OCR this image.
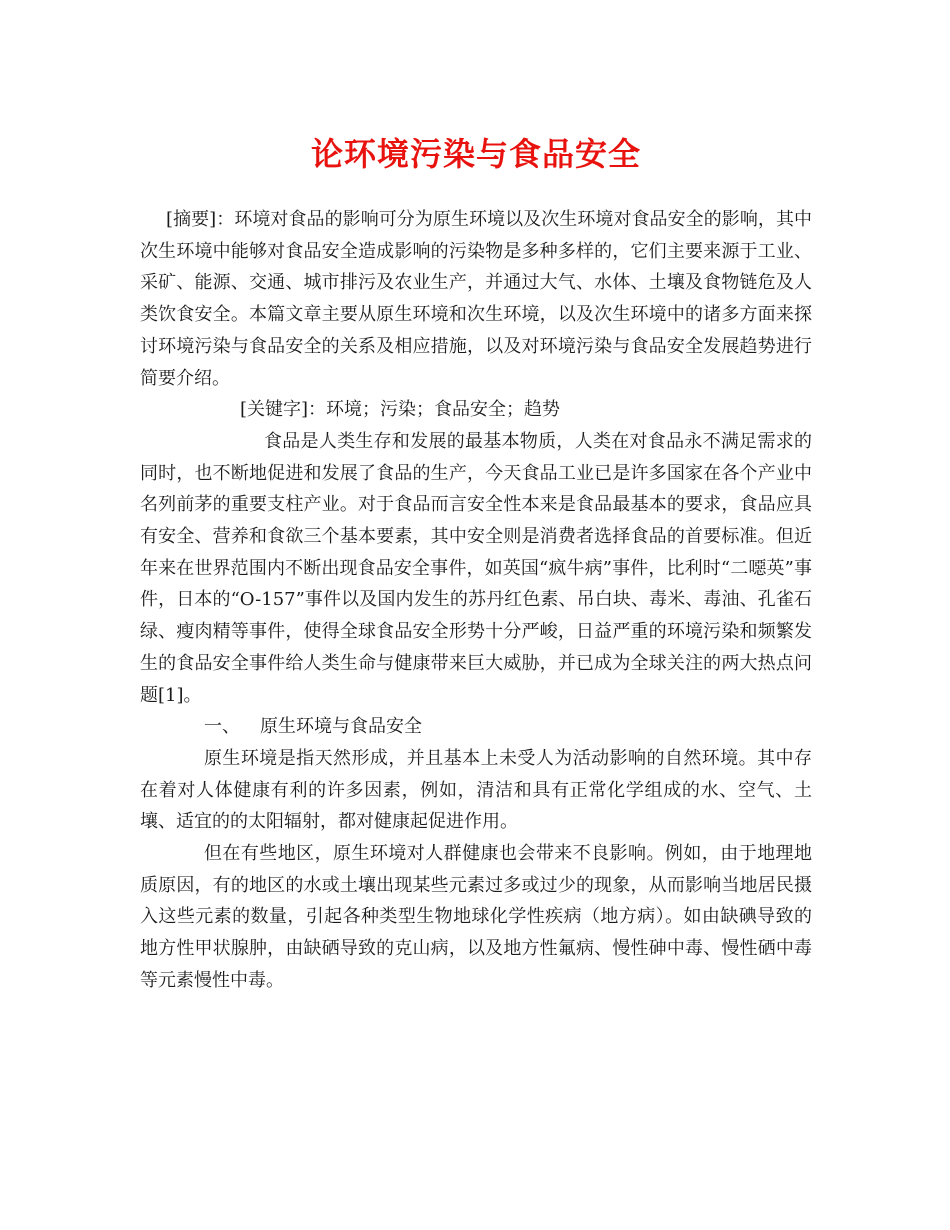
论环境污染与食品安全

[摘要]：环境对食品的影响可分为原生环境以及次生环境对食品安全的影响，其中次生环境中能够对食品安全造成影响的污染物是多种多样的，它们主要来源于工业、采矿、能源、交通、城市排污及农业生产，并通过大气、水体、土壤及食物链危及人类饮食安全。本篇文章主要从原生环境和次生环境，以及次生环境中的诸多方面来探讨环境污染与食品安全的关系及相应措施，以及对环境污染与食品安全发展趋势进行简要介绍。

[关键字]：环境；污染；食品安全；趋势

食品是人类生存和发展的最基本物质，人类在对食品永不满足需求的同时，也不断地促进和发展了食品的生产，今天食品工业已是许多国家在各个产业中名列前茅的重要支柱产业。对于食品而言安全性本来是食品最基本的要求，食品应具有安全、营养和食欲三个基本要素，其中安全则是消费者选择食品的首要标准。但近年来在世界范围内不断出现食品安全事件，如英国“疯牛病”事件，比利时“二噁英”事件，日本的“O-157”事件以及国内发生的苏丹红色素、吊白块、毒米、毒油、孔雀石绿、瘦肉精等事件，使得全球食品安全形势十分严峻，日益严重的环境污染和频繁发生的食品安全事件给人类生命与健康带来巨大威胁，并已成为全球关注的两大热点问题[1]。

一、 原生环境与食品安全

原生环境是指天然形成，并且基本上未受人为活动影响的自然环境。其中存在着对人体健康有利的许多因素，例如，清洁和具有正常化学组成的水、空气、土壤、适宜的的太阳辐射，都对健康起促进作用。

但在有些地区，原生环境对人群健康也会带来不良影响。例如，由于地理地质原因，有的地区的水或土壤出现某些元素过多或过少的现象，从而影响当地居民摄入这些元素的数量，引起各种类型生物地球化学性疾病（地方病）。如由缺碘导致的地方性甲状腺肿，由缺硒导致的克山病，以及地方性氟病、慢性砷中毒、慢性硒中毒等元素慢性中毒。
